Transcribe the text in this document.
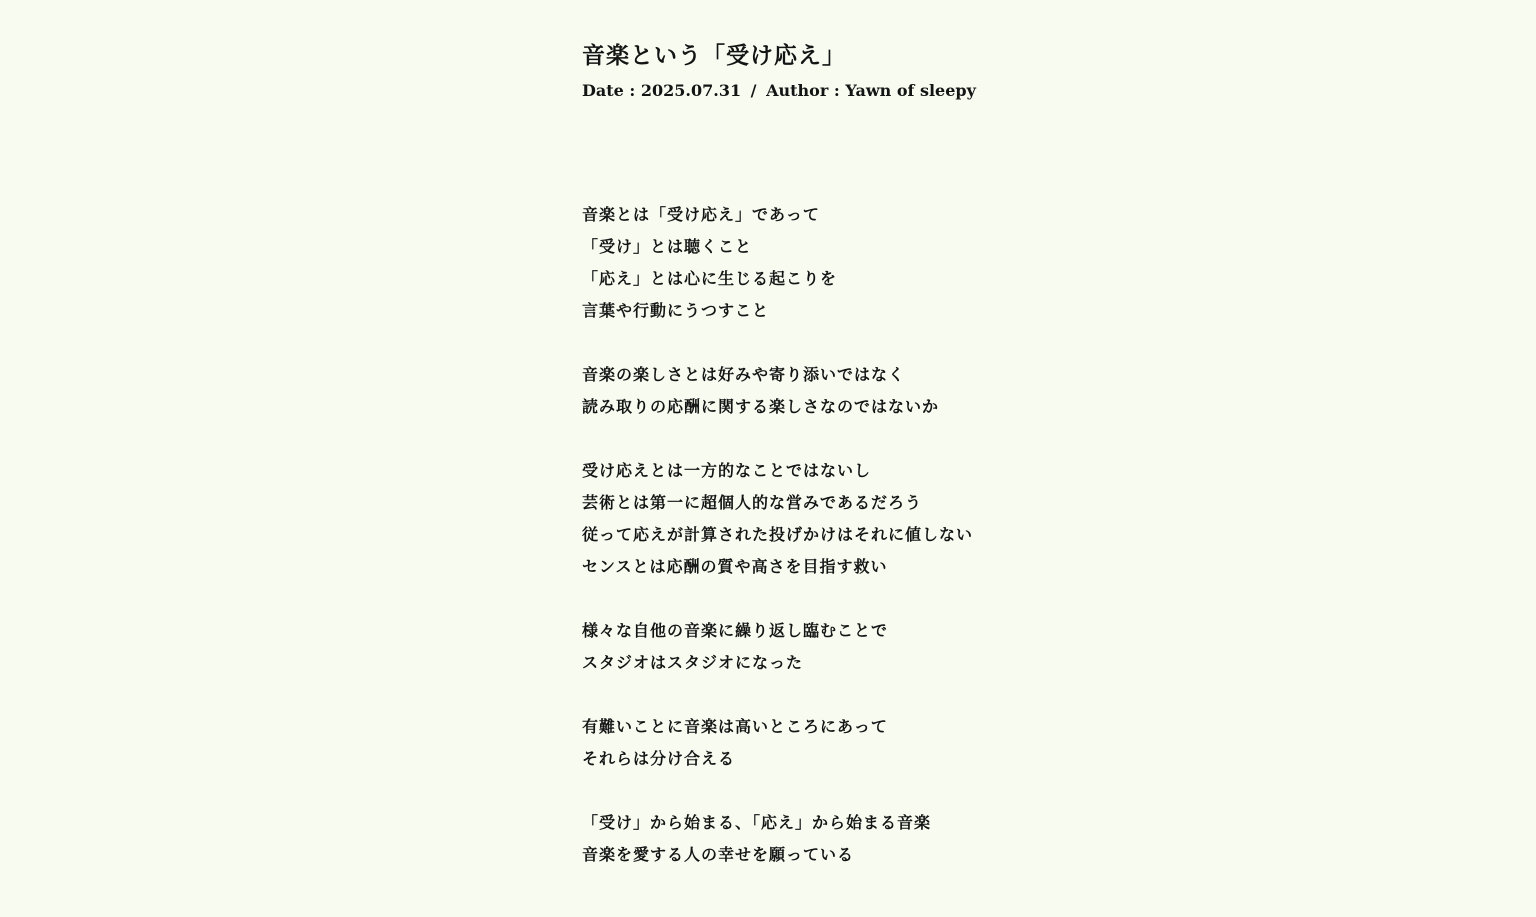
音楽という「受け応え」
Date : 2025.07.31 / Author : Yawn of sleepy
音楽とは「受け応え」であって
「受け」とは聴くこと
「応え」とは心に生じる起こりを
言葉や行動にうつすこと
音楽の楽しさとは好みや寄り添いではなく
読み取りの応酬に関する楽しさなのではないか
受け応えとは一方的なことではないし
芸術とは第一に超個人的な営みであるだろう
従って応えが計算された投げかけはそれに値しない
センスとは応酬の質や高さを目指す救い
様々な自他の音楽に繰り返し臨むことで
スタジオはスタジオになった
有難いことに音楽は高いところにあって
それらは分け合える
「受け」から始まる、「応え」から始まる音楽
音楽を愛する人の幸せを願っている
